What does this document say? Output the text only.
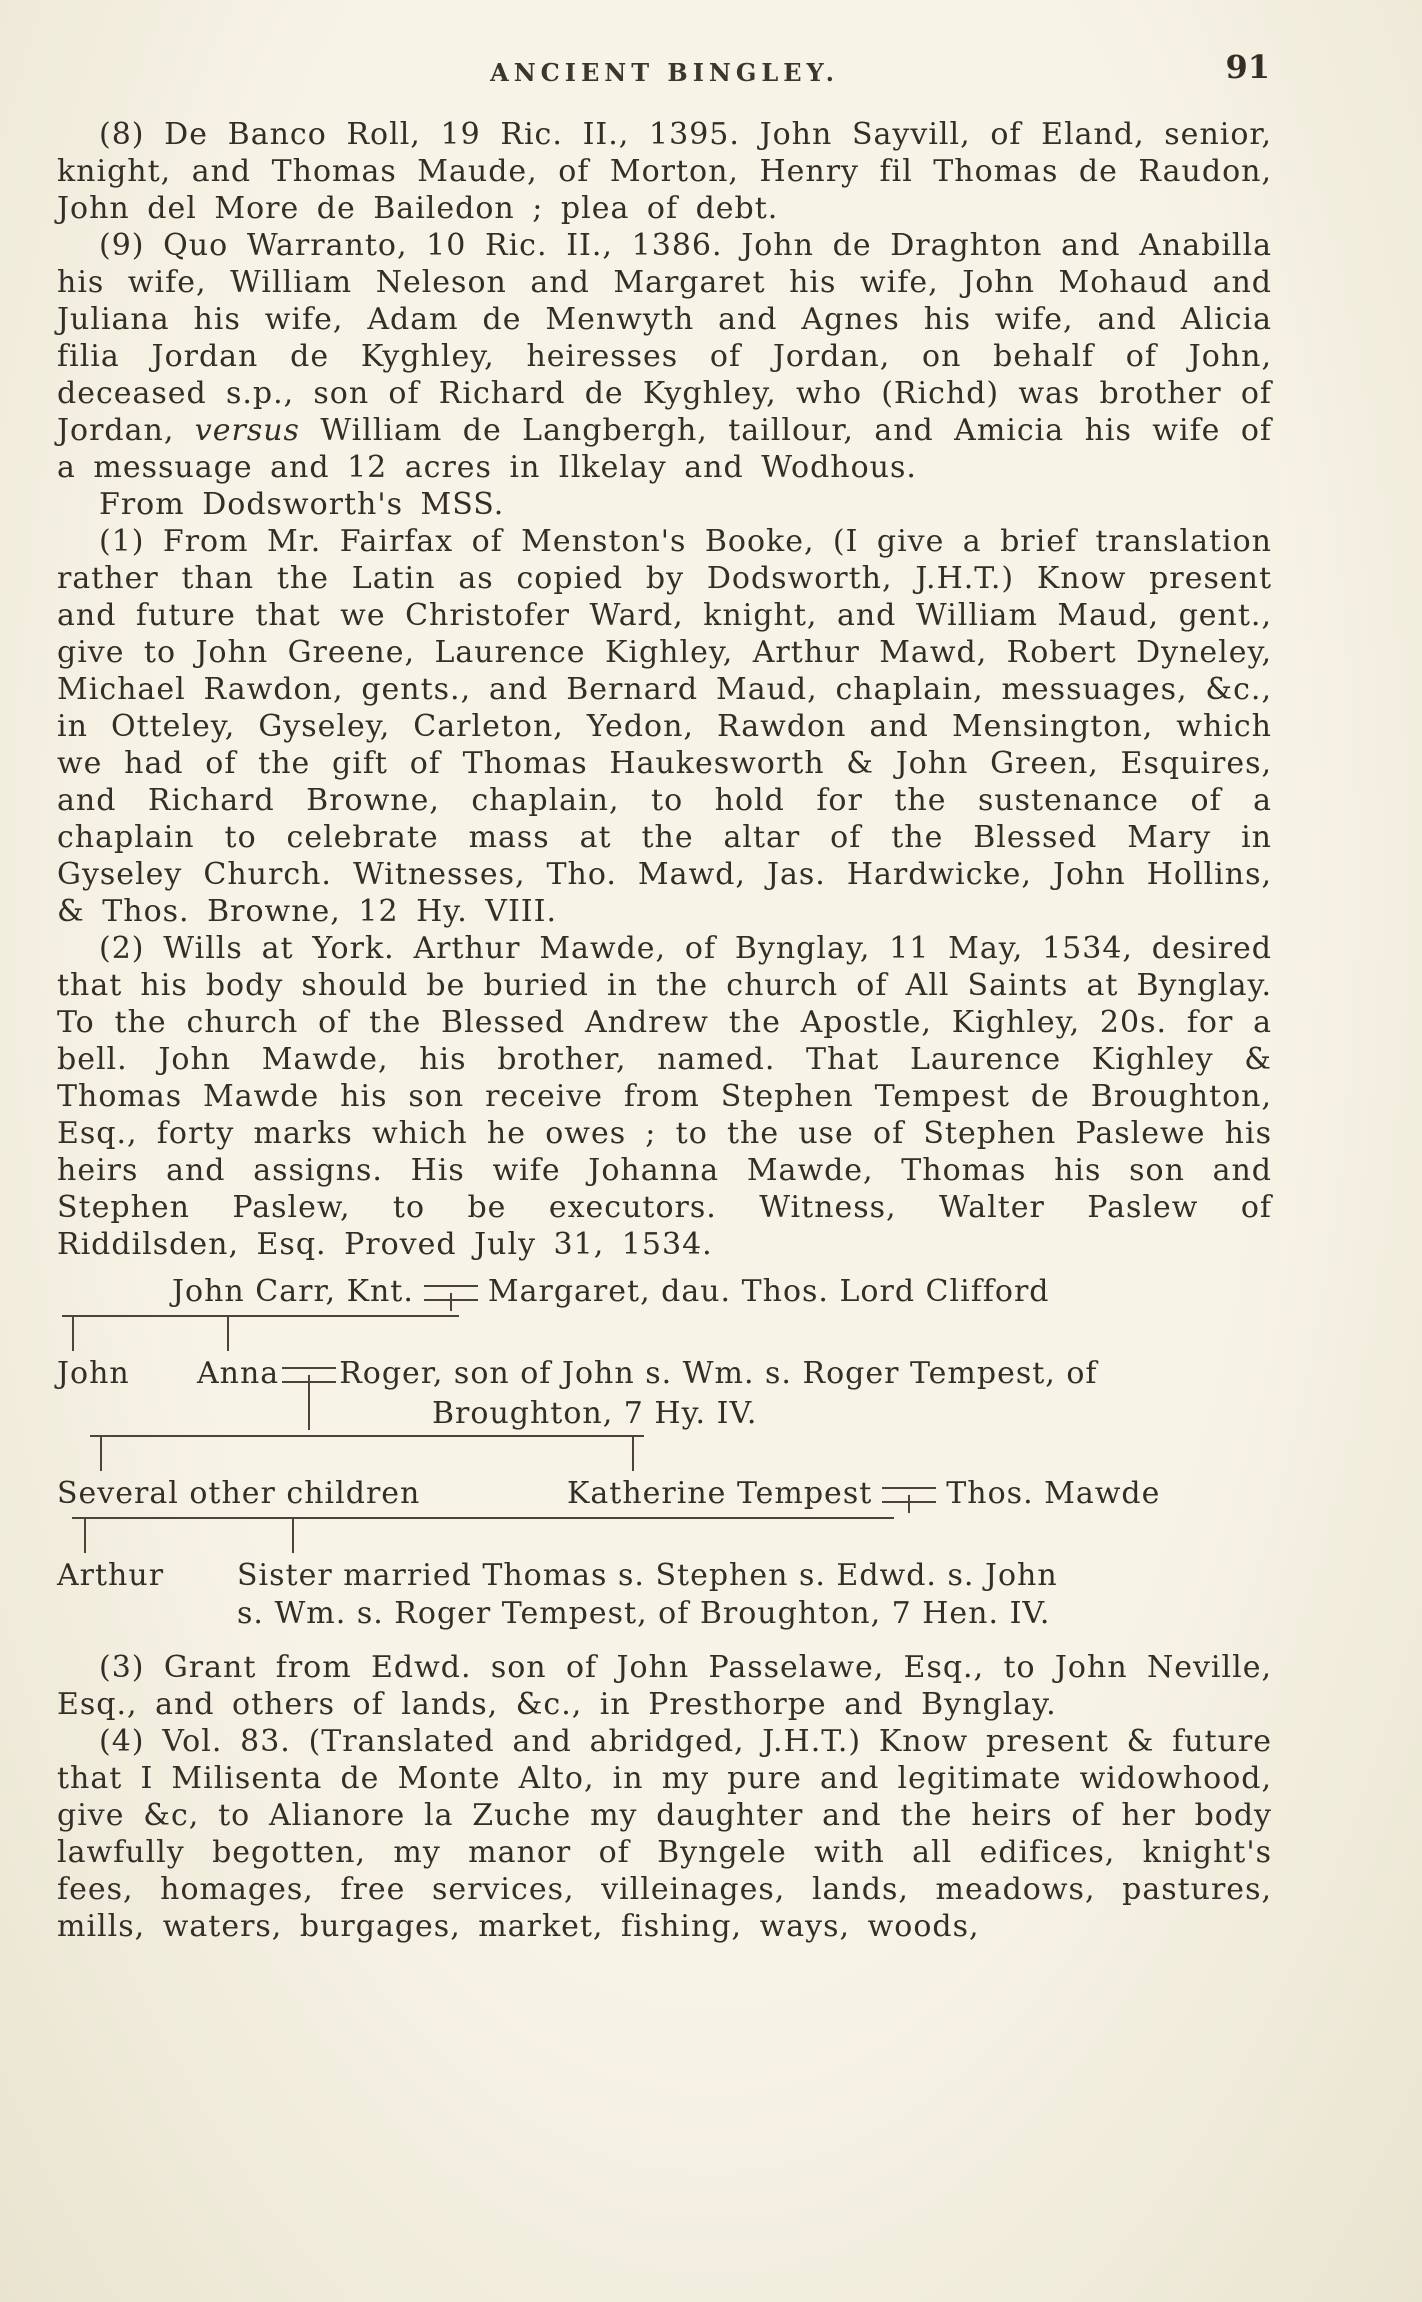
ANCIENT BINGLEY.	91

(8) De Banco Roll, 19 Ric. II., 1395. John Sayvill, of Eland, senior, knight, and Thomas Maude, of Morton, Henry fil Thomas de Raudon, John del More de Bailedon ; plea of debt.

(9) Quo Warranto, 10 Ric. II., 1386. John de Draghton and Anabilla his wife, William Neleson and Margaret his wife, John Mohaud and Juliana his wife, Adam de Menwyth and Agnes his wife, and Alicia filia Jordan de Kyghley, heiresses of Jordan, on behalf of John, deceased s.p., son of Richard de Kyghley, who (Richd) was brother of Jordan, versus William de Langbergh, taillour, and Amicia his wife of a messuage and 12 acres in Ilkelay and Wodhous.

From Dodsworth's MSS.

(1) From Mr. Fairfax of Menston's Booke, (I give a brief translation rather than the Latin as copied by Dodsworth, J.H.T.) Know present and future that we Christofer Ward, knight, and William Maud, gent., give to John Greene, Laurence Kighley, Arthur Mawd, Robert Dyneley, Michael Rawdon, gents., and Bernard Maud, chaplain, messuages, &c., in Otteley, Gyseley, Carleton, Yedon, Rawdon and Mensington, which we had of the gift of Thomas Haukesworth & John Green, Esquires, and Richard Browne, chaplain, to hold for the sustenance of a chaplain to celebrate mass at the altar of the Blessed Mary in Gyseley Church. Witnesses, Tho. Mawd, Jas. Hardwicke, John Hollins, & Thos. Browne, 12 Hy. VIII.

(2) Wills at York. Arthur Mawde, of Bynglay, 11 May, 1534, desired that his body should be buried in the church of All Saints at Bynglay. To the church of the Blessed Andrew the Apostle, Kighley, 20s. for a bell. John Mawde, his brother, named. That Laurence Kighley & Thomas Mawde his son receive from Stephen Tempest de Broughton, Esq., forty marks which he owes ; to the use of Stephen Paslewe his heirs and assigns. His wife Johanna Mawde, Thomas his son and Stephen Paslew, to be executors. Witness, Walter Paslew of Riddilsden, Esq. Proved July 31, 1534.

John Carr, Knt. Margaret, dau. Thos. Lord Clifford
John Anna Roger, son of John s. Wm. s. Roger Tempest, of
Broughton, 7 Hy. IV.
Several other children	Katherine Tempest Thos. Mawde
Arthur Sister married Thomas s. Stephen s. Edwd. s. John
s. Wm. s. Roger Tempest, of Broughton, 7 Hen. IV.

(3) Grant from Edwd. son of John Passelawe, Esq., to John Neville, Esq., and others of lands, &c., in Presthorpe and Bynglay.

(4) Vol. 83. (Translated and abridged, J.H.T.) Know present & future that I Milisenta de Monte Alto, in my pure and legitimate widowhood, give &c, to Alianore la Zuche my daughter and the heirs of her body lawfully begotten, my manor of Byngele with all edifices, knight's fees, homages, free services, villeinages, lands, meadows, pastures, mills, waters, burgages, market, fishing, ways, woods,
